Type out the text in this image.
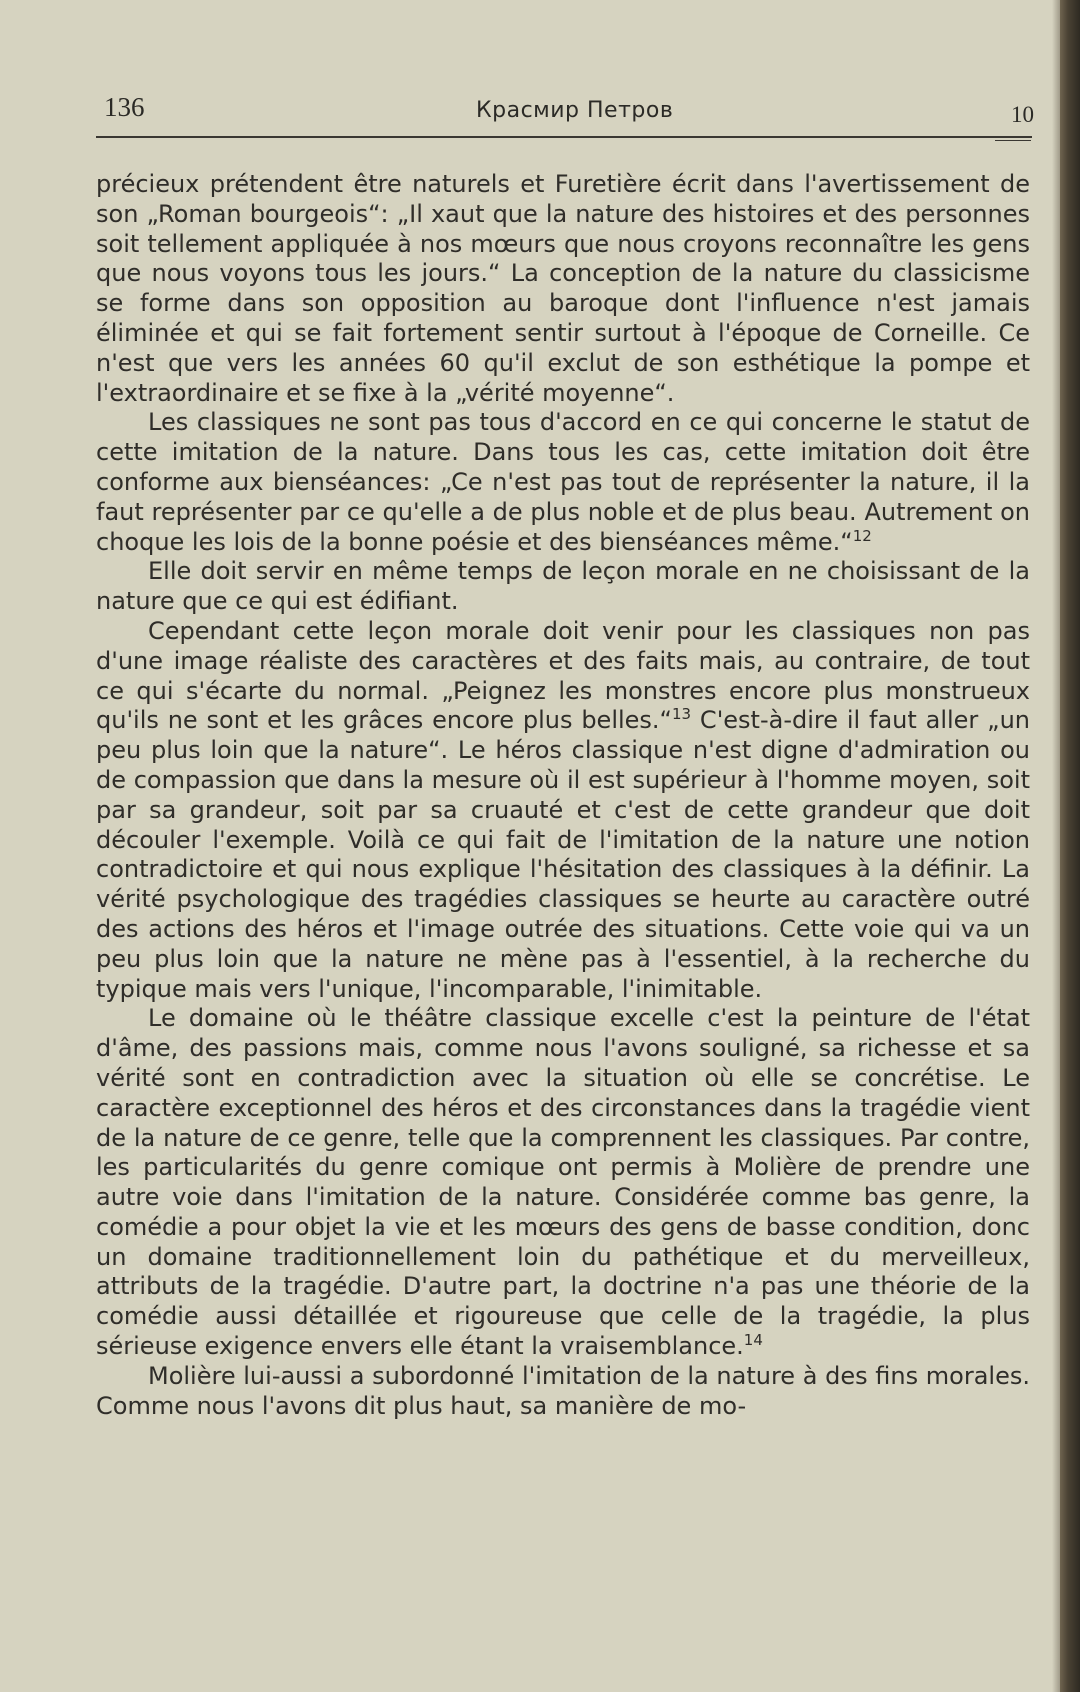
136	Красмир Петров	10

précieux prétendent être naturels et Furetière écrit dans l'avertissement de son „Roman bourgeois“: „Il xaut que la nature des histoires et des personnes soit tellement appliquée à nos mœurs que nous croyons reconnaître les gens que nous voyons tous les jours.“ La conception de la nature du classicisme se forme dans son opposition au baroque dont l'influence n'est jamais éliminée et qui se fait fortement sentir surtout à l'époque de Corneille. Ce n'est que vers les années 60 qu'il exclut de son esthétique la pompe et l'extraordinaire et se fixe à la „vérité moyenne“.

Les classiques ne sont pas tous d'accord en ce qui concerne le statut de cette imitation de la nature. Dans tous les cas, cette imitation doit être conforme aux bienséances: „Ce n'est pas tout de représenter la nature, il la faut représenter par ce qu'elle a de plus noble et de plus beau. Autrement on choque les lois de la bonne poésie et des bienséances même.“$^{12}$

Elle doit servir en même temps de leçon morale en ne choisissant de la nature que ce qui est édifiant.

Cependant cette leçon morale doit venir pour les classiques non pas d'une image réaliste des caractères et des faits mais, au contraire, de tout ce qui s'écarte du normal. „Peignez les monstres encore plus monstrueux qu'ils ne sont et les grâces encore plus belles.“$^{13}$ C'est-à-dire il faut aller „un peu plus loin que la nature“. Le héros classique n'est digne d'admiration ou de compassion que dans la mesure où il est supérieur à l'homme moyen, soit par sa grandeur, soit par sa cruauté et c'est de cette grandeur que doit découler l'exemple. Voilà ce qui fait de l'imitation de la nature une notion contradictoire et qui nous explique l'hésitation des classiques à la définir. La vérité psychologique des tragédies classiques se heurte au caractère outré des actions des héros et l'image outrée des situations. Cette voie qui va un peu plus loin que la nature ne mène pas à l'essentiel, à la recherche du typique mais vers l'unique, l'incomparable, l'inimitable.

Le domaine où le théâtre classique excelle c'est la peinture de l'état d'âme, des passions mais, comme nous l'avons souligné, sa richesse et sa vérité sont en contradiction avec la situation où elle se concrétise. Le caractère exceptionnel des héros et des circonstances dans la tragédie vient de la nature de ce genre, telle que la comprennent les classiques. Par contre, les particularités du genre comique ont permis à Molière de prendre une autre voie dans l'imitation de la nature. Considérée comme bas genre, la comédie a pour objet la vie et les mœurs des gens de basse condition, donc un domaine traditionnellement loin du pathétique et du merveilleux, attributs de la tragédie. D'autre part, la doctrine n'a pas une théorie de la comédie aussi détaillée et rigoureuse que celle de la tragédie, la plus sérieuse exigence envers elle étant la vraisemblance.$^{14}$

Molière lui-aussi a subordonné l'imitation de la nature à des fins morales. Comme nous l'avons dit plus haut, sa manière de mo-
